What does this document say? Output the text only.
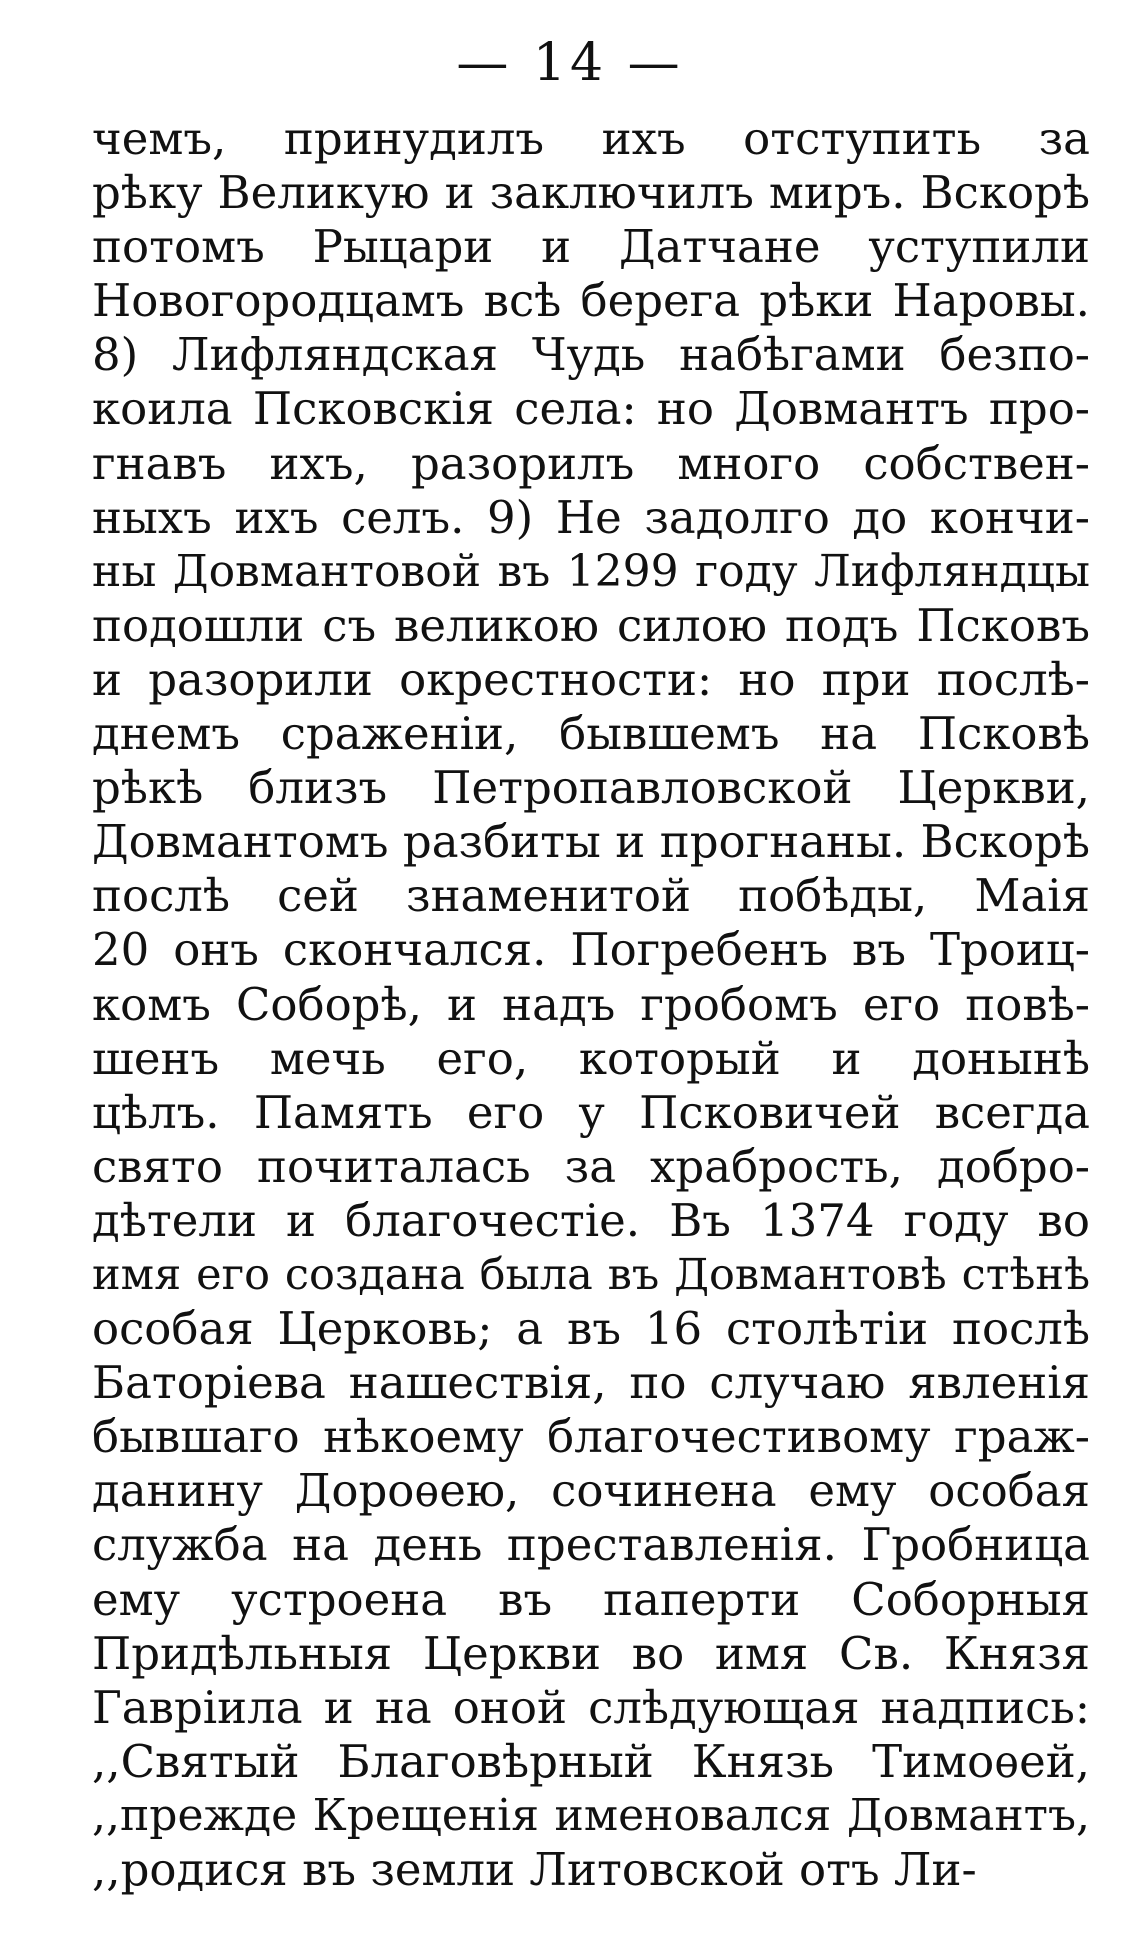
— 14 —
чемъ, принудилъ ихъ отступить за
рѣку Великую и заключилъ миръ. Вскорѣ
потомъ Рыцари и Датчане уступили
Новогородцамъ всѣ берега рѣки Наровы.
8) Лифляндская Чудь набѣгами безпо-
коила Псковскія села: но Довмантъ про-
гнавъ ихъ, разорилъ много собствен-
ныхъ ихъ селъ. 9) Не задолго до кончи-
ны Довмантовой въ 1299 году Лифляндцы
подошли съ великою силою подъ Псковъ
и разорили окрестности: но при послѣ-
днемъ сраженіи, бывшемъ на Псковѣ
рѣкѣ близъ Петропавловской Церкви,
Довмантомъ разбиты и прогнаны. Вскорѣ
послѣ сей знаменитой побѣды, Маія
20 онъ скончался. Погребенъ въ Троиц-
комъ Соборѣ, и надъ гробомъ его повѣ-
шенъ мечь его, который и донынѣ
цѣлъ. Память его у Псковичей всегда
свято почиталась за храбрость, добро-
дѣтели и благочестіе. Въ 1374 году во
имя его создана была въ Довмантовѣ стѣнѣ
особая Церковь; а въ 16 столѣтіи послѣ
Баторіева нашествія, по случаю явленія
бывшаго нѣкоему благочестивому граж-
данину Дороѳею, сочинена ему особая
служба на день преставленія. Гробница
ему устроена въ паперти Соборныя
Придѣльныя Церкви во имя Св. Князя
Гавріила и на оной слѣдующая надпись:
,,Святый Благовѣрный Князь Тимоѳей,
,,прежде Крещенія именовался Довмантъ,
,,родися въ земли Литовской отъ Ли-
